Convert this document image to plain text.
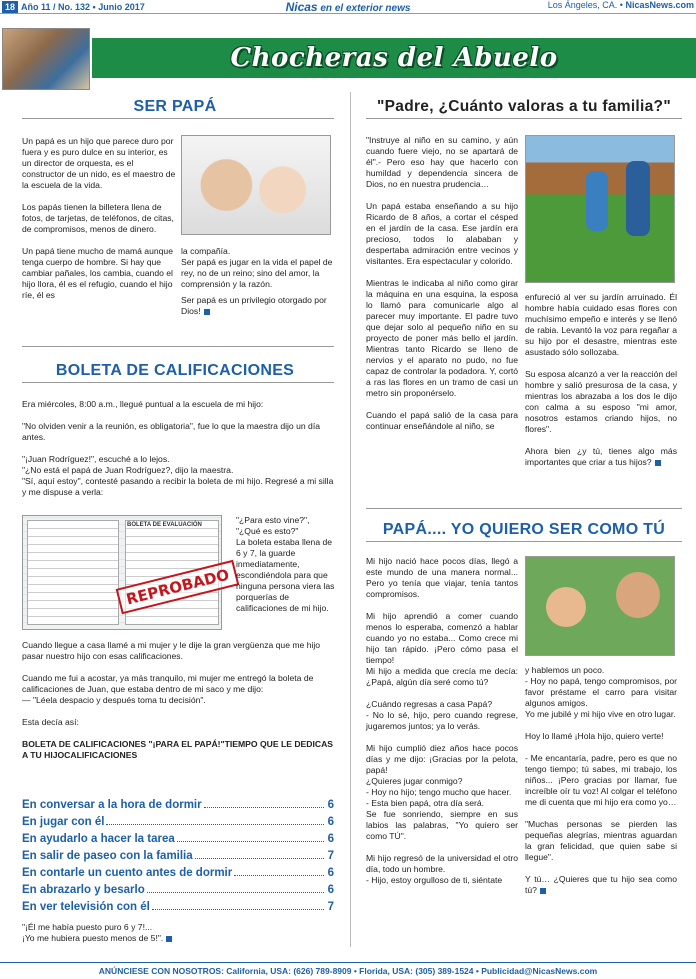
18 Año 11 / No. 132 • Junio 2017	Nicas en el exterior news	Los Ángeles, CA. • NicasNews.com
Chocheras del Abuelo
SER PAPÁ

Un papá es un hijo que parece duro por fuera y es puro dulce en su interior, es un director de orquesta, es el constructor de un nido, es el maestro de la escuela de la vida.

Los papás tienen la billetera llena de fotos, de tarjetas, de teléfonos, de citas, de compromisos, menos de dinero.

Un papá tiene mucho de mamá aunque tenga cuerpo de hombre. Si hay que cambiar pañales, los cambia, cuando el hijo llora, él es el refugio, cuando el hijo ríe, él es

la compañía.

Ser papá es jugar en la vida el papel de rey, no de un reino; sino del amor, la comprensión y la razón.

Ser papá es un privilegio otorgado por Dios!

BOLETA DE CALIFICACIONES

Era miércoles, 8:00 a.m., llegué puntual a la escuela de mi hijo:

"No olviden venir a la reunión, es obligatoria", fue lo que la maestra dijo un día antes.

"¡Juan Rodríguez!", escuché a lo lejos.

"¿No está el papá de Juan Rodríguez?, dijo la maestra.

"Sí, aquí estoy", contesté pasando a recibir la boleta de mi hijo. Regresé a mi silla y me dispuse a verla:

BOLETA DE EVALUACIÓN
REPROBADO

"¿Para esto vine?",

"¿Qué es esto?"

La boleta estaba llena de 6 y 7, la guarde inmediatamente, escondiéndola para que ninguna persona viera las porquerías de calificaciones de mi hijo.

Cuando llegue a casa llamé a mi mujer y le dije la gran vergüenza que me hijo pasar nuestro hijo con esas calificaciones.

Cuando me fui a acostar, ya más tranquilo, mi mujer me entregó la boleta de calificaciones de Juan, que estaba dentro de mi saco y me dijo:

— "Léela despacio y después toma tu decisión".

Esta decía así:

BOLETA DE CALIFICACIONES "¡PARA EL PAPÁ!"TIEMPO QUE LE DEDICAS A TU HIJOCALIFICACIONES

En conversar a la hora de dormir	6
En jugar con él	6
En ayudarlo a hacer la tarea	6
En salir de paseo con la familia	7
En contarle un cuento antes de dormir	6
En abrazarlo y besarlo	6
En ver televisión con él	7

"¡Él me había puesto puro 6 y 7!...

¡Yo me hubiera puesto menos de 5!".

"Padre, ¿Cuánto valoras a tu familia?"

"Instruye al niño en su camino, y aún cuando fuere viejo, no se apartará de él".- Pero eso hay que hacerlo con humildad y dependencia sincera de Dios, no en nuestra prudencia…

Un papá estaba enseñando a su hijo Ricardo de 8 años, a cortar el césped en el jardín de la casa. Ese jardín era precioso, todos lo alababan y despertaba admiración entre vecinos y visitantes. Era espectacular y colorido.

Mientras le indicaba al niño como girar la máquina en una esquina, la esposa lo llamó para comunicarle algo al parecer muy importante. El padre tuvo que dejar solo al pequeño niño en su proyecto de poner más bello el jardín. Mientras tanto Ricardo se lleno de nervios y el aparato no pudo, no fue capaz de controlar la podadora. Y, cortó a ras las flores en un tramo de casi un metro sin proponérselo.

Cuando el papá salió de la casa para continuar enseñándole al niño, se

enfureció al ver su jardín arruinado. Él hombre había cuidado esas flores con muchísimo empeño e interés y se llenó de rabia. Levantó la voz para regañar a su hijo por el desastre, mientras este asustado sólo sollozaba.

Su esposa alcanzó a ver la reacción del hombre y salió presurosa de la casa, y mientras los abrazaba a los dos le dijo con calma a su esposo "mi amor, nosotros estamos criando hijos, no flores".

Ahora bien ¿y tú, tienes algo más importantes que criar a tus hijos?

PAPÁ.... YO QUIERO SER COMO TÚ

Mi hijo nació hace pocos días, llegó a este mundo de una manera normal... Pero yo tenía que viajar, tenía tantos compromisos.

Mi hijo aprendió a comer cuando menos lo esperaba, comenzó a hablar cuando yo no estaba... Como crece mi hijo tan rápido. ¡Pero cómo pasa el tiempo!

Mi hijo a medida que crecía me decía: ¿Papá, algún día seré como tú?

¿Cuándo regresas a casa Papá?

- No lo sé, hijo, pero cuando regrese, jugaremos juntos; ya lo verás.

Mi hijo cumplió diez años hace pocos días y me dijo: ¡Gracias por la pelota, papá!

¿Quieres jugar conmigo?

- Hoy no hijo; tengo mucho que hacer.

- Esta bien papá, otra día será.

Se fue sonriendo, siempre en sus labios las palabras, "Yo quiero ser como TÚ".

Mi hijo regresó de la universidad el otro día, todo un hombre.

- Hijo, estoy orgulloso de ti, siéntate

y hablemos un poco.

- Hoy no papá, tengo compromisos, por favor préstame el carro para visitar algunos amigos.

Yo me jubilé y mi hijo vive en otro lugar.

Hoy lo llamé ¡Hola hijo, quiero verte!

- Me encantaría, padre, pero es que no tengo tiempo; tú sabes, mi trabajo, los niños... ¡Pero gracias por llamar, fue increíble oír tu voz! Al colgar el teléfono me di cuenta que mi hijo era como yo…

"Muchas personas se pierden las pequeñas alegrías, mientras aguardan la gran felicidad, que quien sabe si llegue".

Y tú… ¿Quieres que tu hijo sea como tú?

ANÚNCIESE CON NOSOTROS: California, USA: (626) 789-8909 • Florida, USA: (305) 389-1524 • Publicidad@NicasNews.com
